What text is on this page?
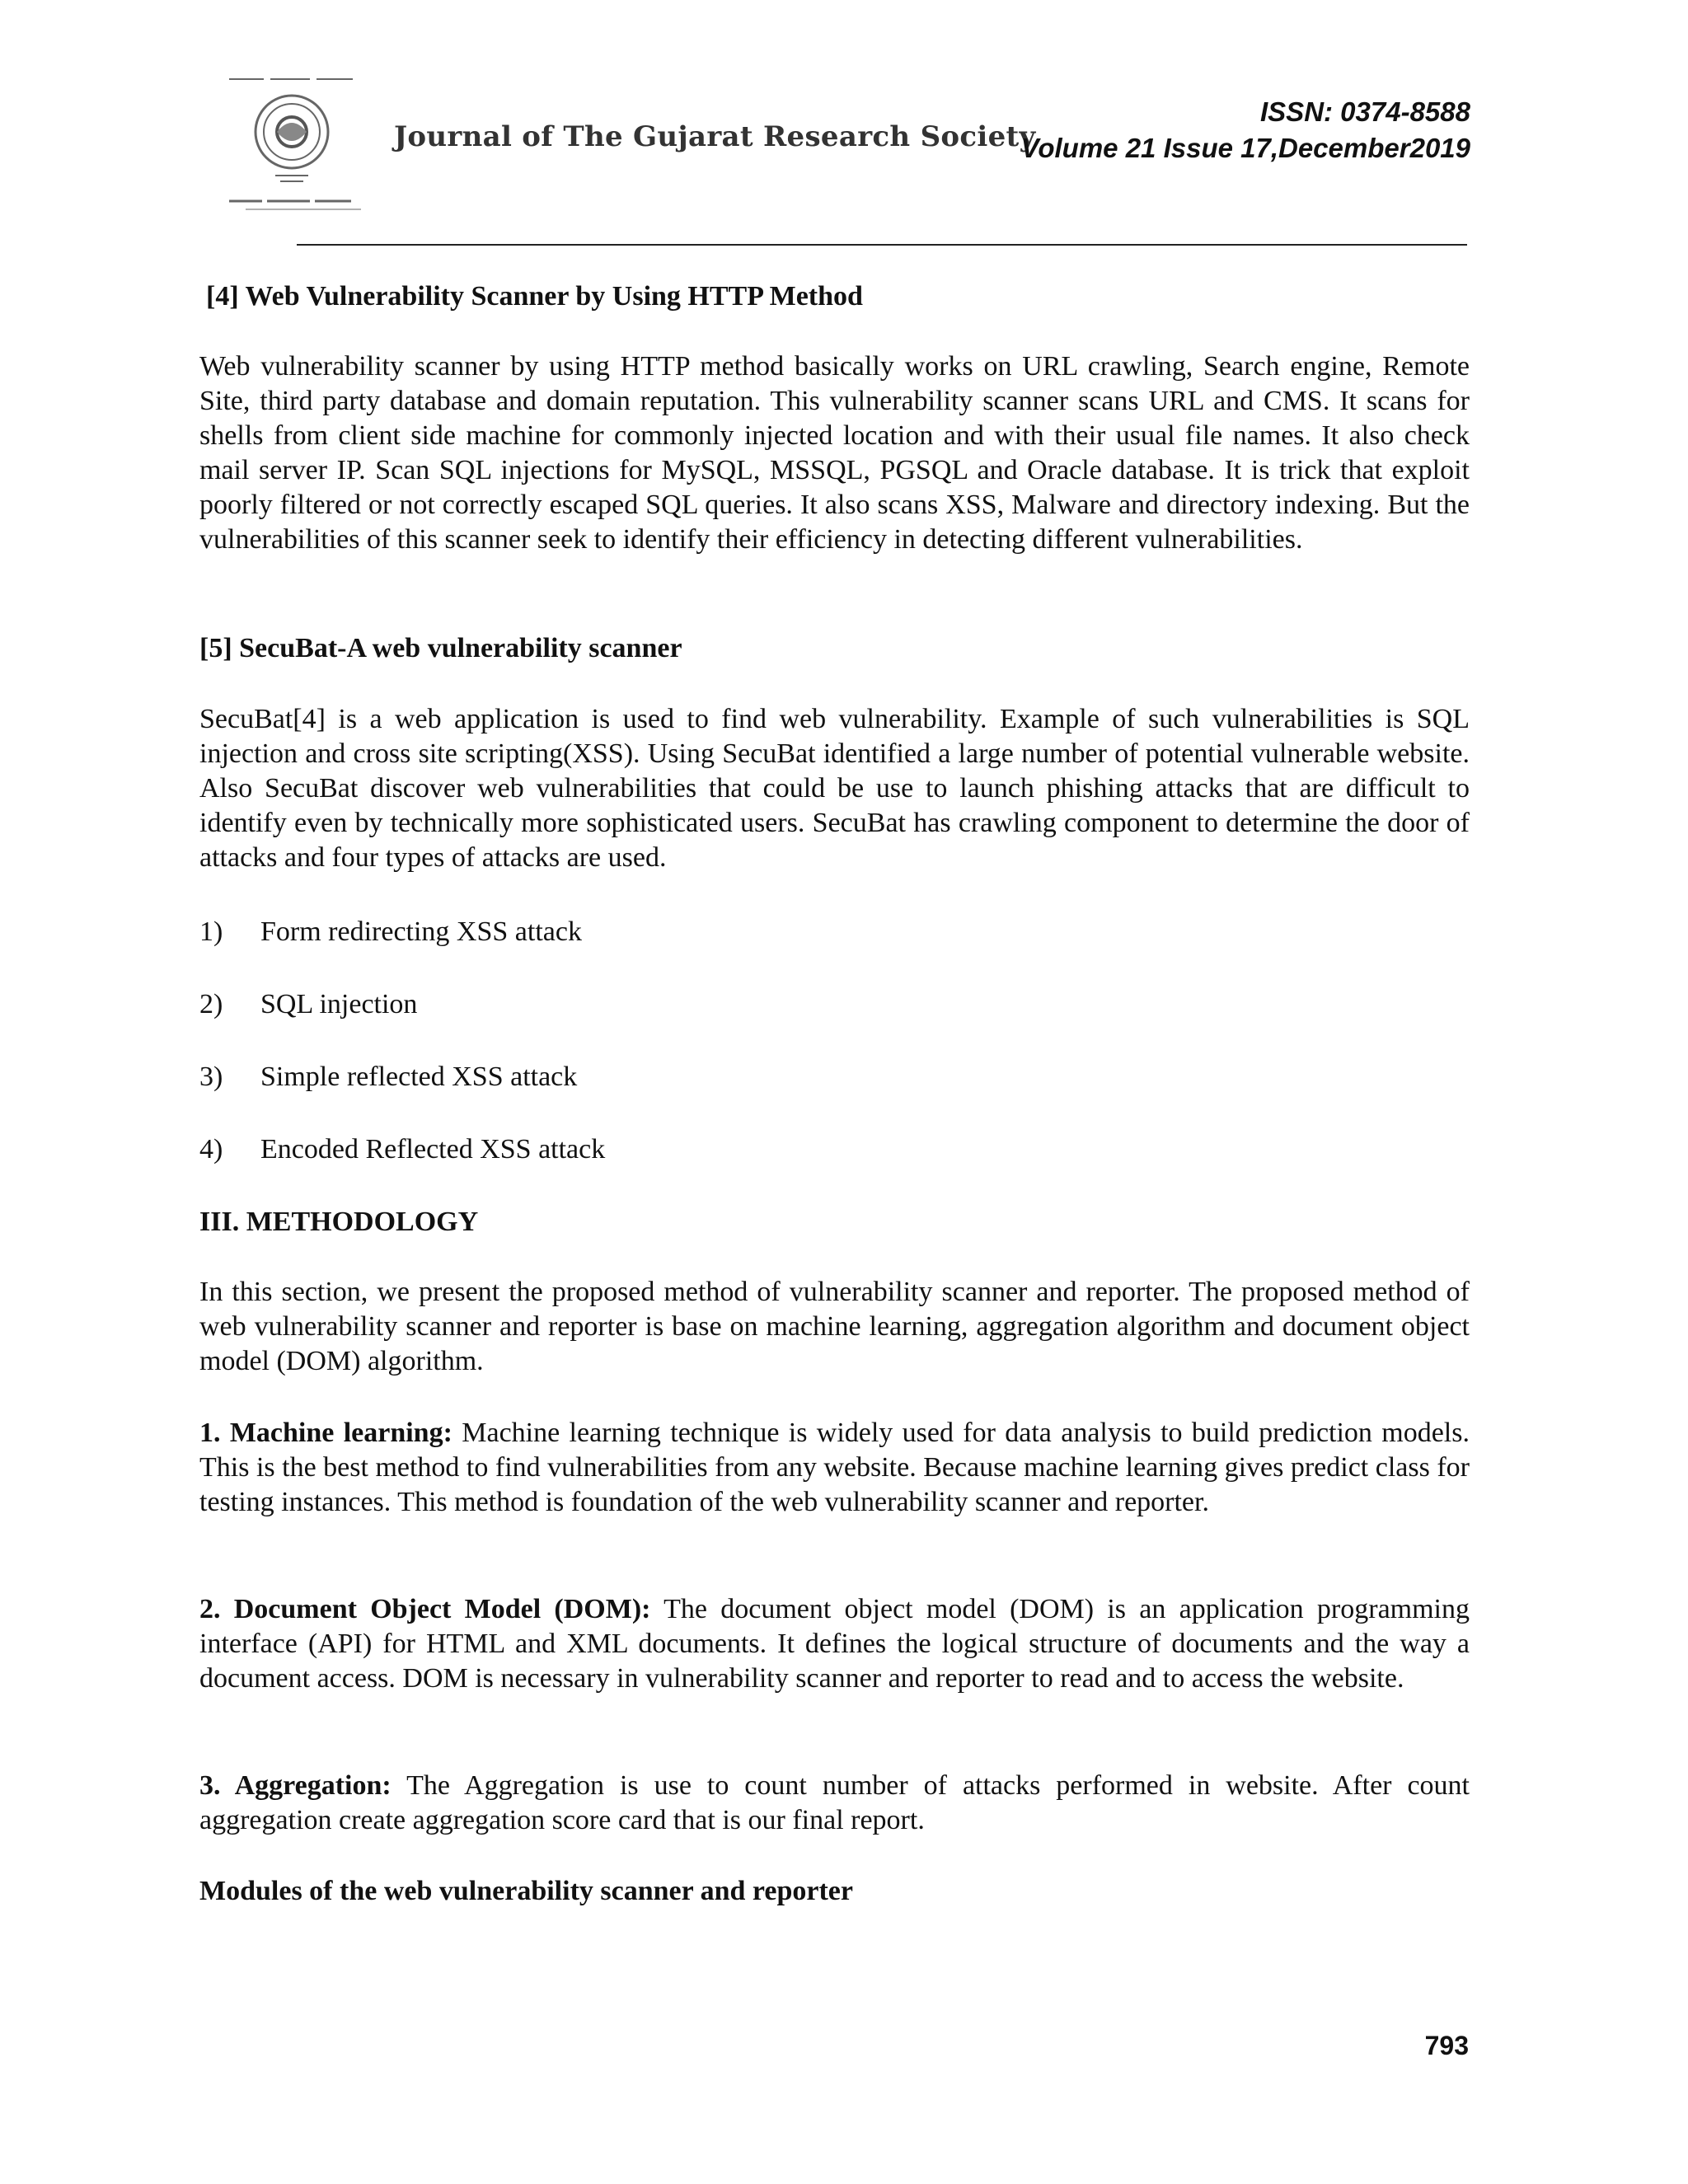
Journal of The Gujarat Research Society
ISSN: 0374-8588
Volume 21 Issue 17,December2019
[4] Web Vulnerability Scanner by Using HTTP Method
Web vulnerability scanner by using HTTP method basically works on URL crawling, Search engine, Remote Site, third party database and domain reputation. This vulnerability scanner scans URL and CMS. It scans for shells from client side machine for commonly injected location and with their usual file names. It also check mail server IP. Scan SQL injections for MySQL, MSSQL, PGSQL and Oracle database. It is trick that exploit poorly filtered or not correctly escaped SQL queries. It also scans XSS, Malware and directory indexing. But the vulnerabilities of this scanner seek to identify their efficiency in detecting different vulnerabilities.
[5] SecuBat-A web vulnerability scanner
SecuBat[4] is a web application is used to find web vulnerability. Example of such vulnerabilities is SQL injection and cross site scripting(XSS). Using SecuBat identified a large number of potential vulnerable website. Also SecuBat discover web vulnerabilities that could be use to launch phishing attacks that are difficult to identify even by technically more sophisticated users. SecuBat has crawling component to determine the door of attacks and four types of attacks are used.
1) Form redirecting XSS attack
2) SQL injection
3) Simple reflected XSS attack
4) Encoded Reflected XSS attack
III. METHODOLOGY
In this section, we present the proposed method of vulnerability scanner and reporter. The proposed method of web vulnerability scanner and reporter is base on machine learning, aggregation algorithm and document object model (DOM) algorithm.
1. Machine learning: Machine learning technique is widely used for data analysis to build prediction models. This is the best method to find vulnerabilities from any website. Because machine learning gives predict class for testing instances. This method is foundation of the web vulnerability scanner and reporter.
2. Document Object Model (DOM): The document object model (DOM) is an application programming interface (API) for HTML and XML documents. It defines the logical structure of documents and the way a document access. DOM is necessary in vulnerability scanner and reporter to read and to access the website.
3. Aggregation: The Aggregation is use to count number of attacks performed in website. After count aggregation create aggregation score card that is our final report.
Modules of the web vulnerability scanner and reporter
793
